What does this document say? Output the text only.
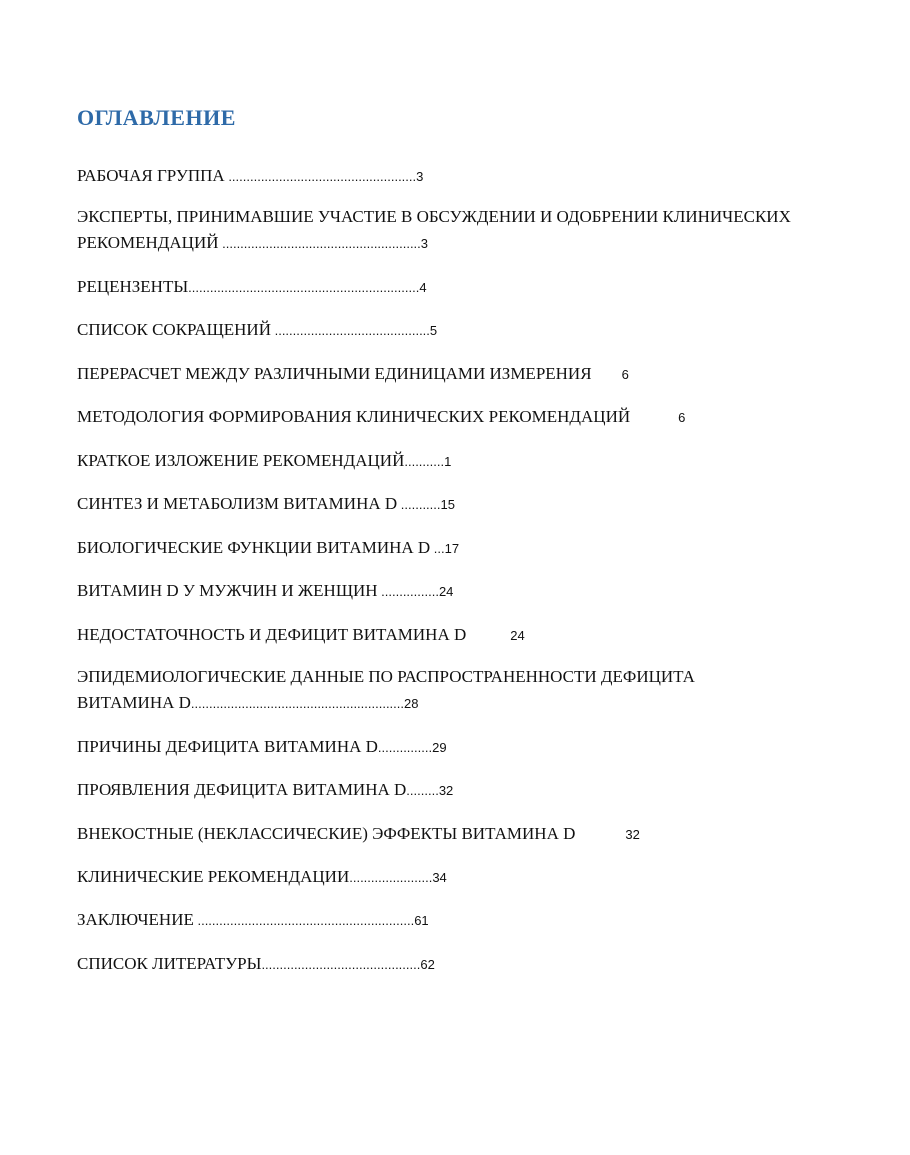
ОГЛАВЛЕНИЕ
РАБОЧАЯ ГРУППА ....................................................3
ЭКСПЕРТЫ, ПРИНИМАВШИЕ УЧАСТИЕ В ОБСУЖДЕНИИ И ОДОБРЕНИИ КЛИНИЧЕСКИХ
РЕКОМЕНДАЦИЙ .......................................................3
РЕЦЕНЗЕНТЫ................................................................4
СПИСОК СОКРАЩЕНИЙ ...........................................5
ПЕРЕРАСЧЕТ МЕЖДУ РАЗЛИЧНЫМИ ЕДИНИЦАМИ ИЗМЕРЕНИЯ 6
МЕТОДОЛОГИЯ ФОРМИРОВАНИЯ КЛИНИЧЕСКИХ РЕКОМЕНДАЦИЙ	6
КРАТКОЕ ИЗЛОЖЕНИЕ РЕКОМЕНДАЦИЙ...........1
СИНТЕЗ И МЕТАБОЛИЗМ ВИТАМИНА D ...........15
БИОЛОГИЧЕСКИЕ ФУНКЦИИ ВИТАМИНА D ...17
ВИТАМИН D У МУЖЧИН И ЖЕНЩИН ................24
НЕДОСТАТОЧНОСТЬ И ДЕФИЦИТ ВИТАМИНА D	24
ЭПИДЕМИОЛОГИЧЕСКИЕ ДАННЫЕ ПО РАСПРОСТРАНЕННОСТИ ДЕФИЦИТА
ВИТАМИНА D...........................................................28
ПРИЧИНЫ ДЕФИЦИТА ВИТАМИНА D...............29
ПРОЯВЛЕНИЯ ДЕФИЦИТА ВИТАМИНА D.........32
ВНЕКОСТНЫЕ (НЕКЛАССИЧЕСКИЕ) ЭФФЕКТЫ ВИТАМИНА D	32
КЛИНИЧЕСКИЕ РЕКОМЕНДАЦИИ.......................34
ЗАКЛЮЧЕНИЕ ............................................................61
СПИСОК ЛИТЕРАТУРЫ............................................62
